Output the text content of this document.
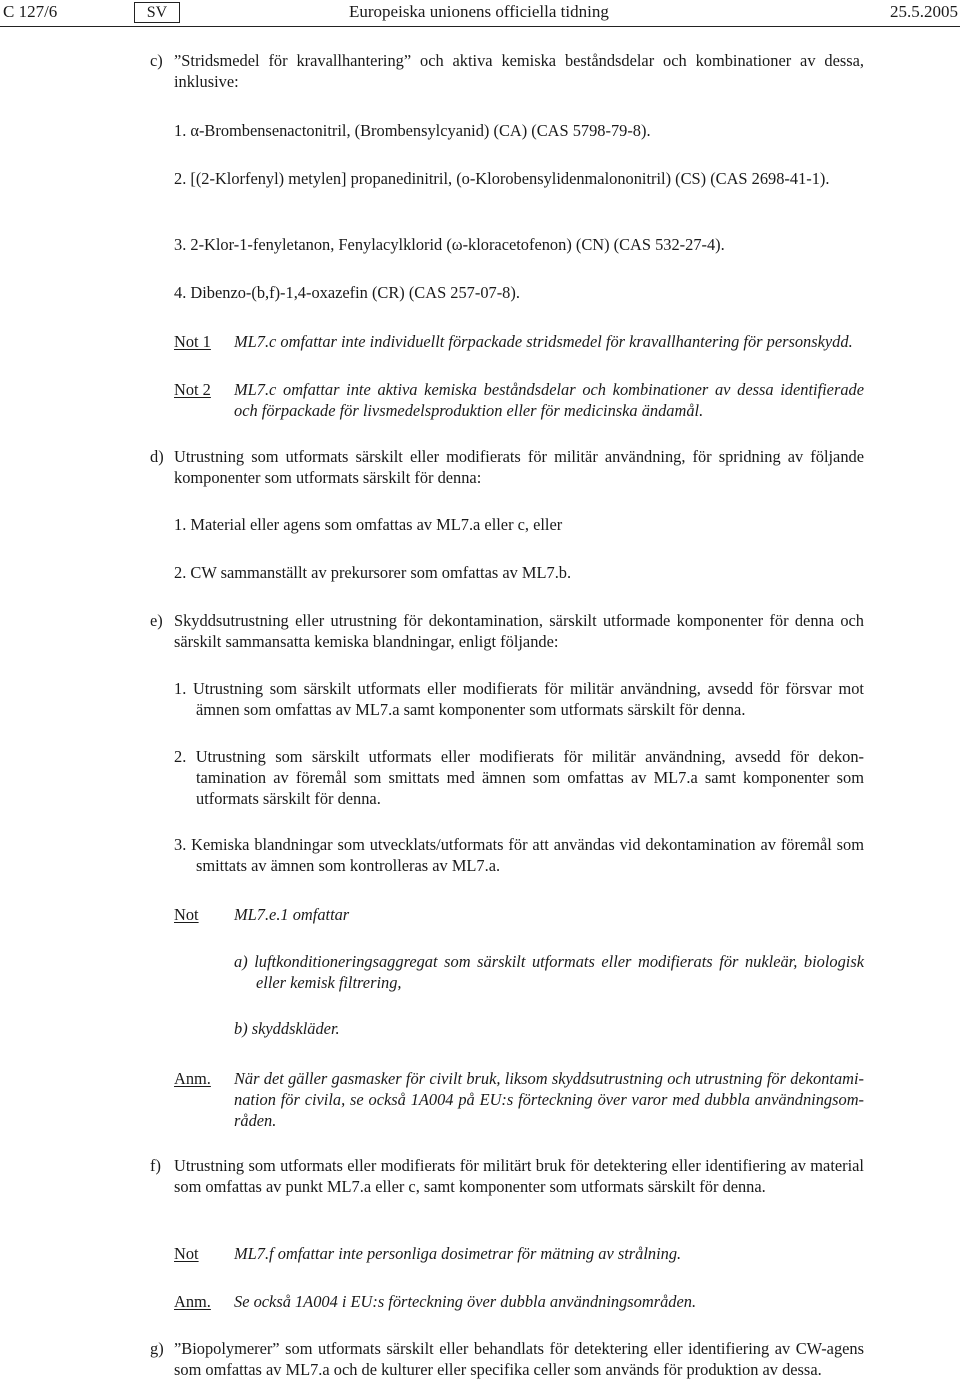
C 127/6	SV	Europeiska unionens officiella tidning	25.5.2005
c) ”Stridsmedel för kravallhantering” och aktiva kemiska beståndsdelar och kombinationer av dessa, inklusive:
1. α-Brombensenactonitril, (Brombensylcyanid) (CA) (CAS 5798-79-8).
2. [(2-Klorfenyl) metylen] propanedinitril, (o-Klorobensylidenmalononitril) (CS) (CAS 2698-41-1).
3. 2-Klor-1-fenyletanon, Fenylacylklorid (ω-kloracetofenon) (CN) (CAS 532-27-4).
4. Dibenzo-(b,f)-1,4-oxazefin (CR) (CAS 257-07-8).
Not 1 ML7.c omfattar inte individuellt förpackade stridsmedel för kravallhantering för personskydd.
Not 2 ML7.c omfattar inte aktiva kemiska beståndsdelar och kombinationer av dessa identifierade och förpackade för livsmedelsproduktion eller för medicinska ändamål.
d) Utrustning som utformats särskilt eller modifierats för militär användning, för spridning av följande komponenter som utformats särskilt för denna:
1. Material eller agens som omfattas av ML7.a eller c, eller
2. CW sammanställt av prekursorer som omfattas av ML7.b.
e) Skyddsutrustning eller utrustning för dekontamination, särskilt utformade komponenter för denna och särskilt sammansatta kemiska blandningar, enligt följande:
1. Utrustning som särskilt utformats eller modifierats för militär användning, avsedd för försvar mot ämnen som omfattas av ML7.a samt komponenter som utformats särskilt för denna.
2. Utrustning som särskilt utformats eller modifierats för militär användning, avsedd för dekon-tamination av föremål som smittats med ämnen som omfattas av ML7.a samt komponenter som utformats särskilt för denna.
3. Kemiska blandningar som utvecklats/utformats för att användas vid dekontamination av föremål som smittats av ämnen som kontrolleras av ML7.a.
Not ML7.e.1 omfattar
a) luftkonditioneringsaggregat som särskilt utformats eller modifierats för nukleär, biologisk eller kemisk filtrering,
b) skyddskläder.
Anm. När det gäller gasmasker för civilt bruk, liksom skyddsutrustning och utrustning för dekontami-nation för civila, se också 1A004 på EU:s förteckning över varor med dubbla användningsom-råden.
f) Utrustning som utformats eller modifierats för militärt bruk för detektering eller identifiering av material som omfattas av punkt ML7.a eller c, samt komponenter som utformats särskilt för denna.
Not ML7.f omfattar inte personliga dosimetrar för mätning av strålning.
Anm. Se också 1A004 i EU:s förteckning över dubbla användningsområden.
g) ”Biopolymerer” som utformats särskilt eller behandlats för detektering eller identifiering av CW-agens som omfattas av ML7.a och de kulturer eller specifika celler som används för produktion av dessa.
